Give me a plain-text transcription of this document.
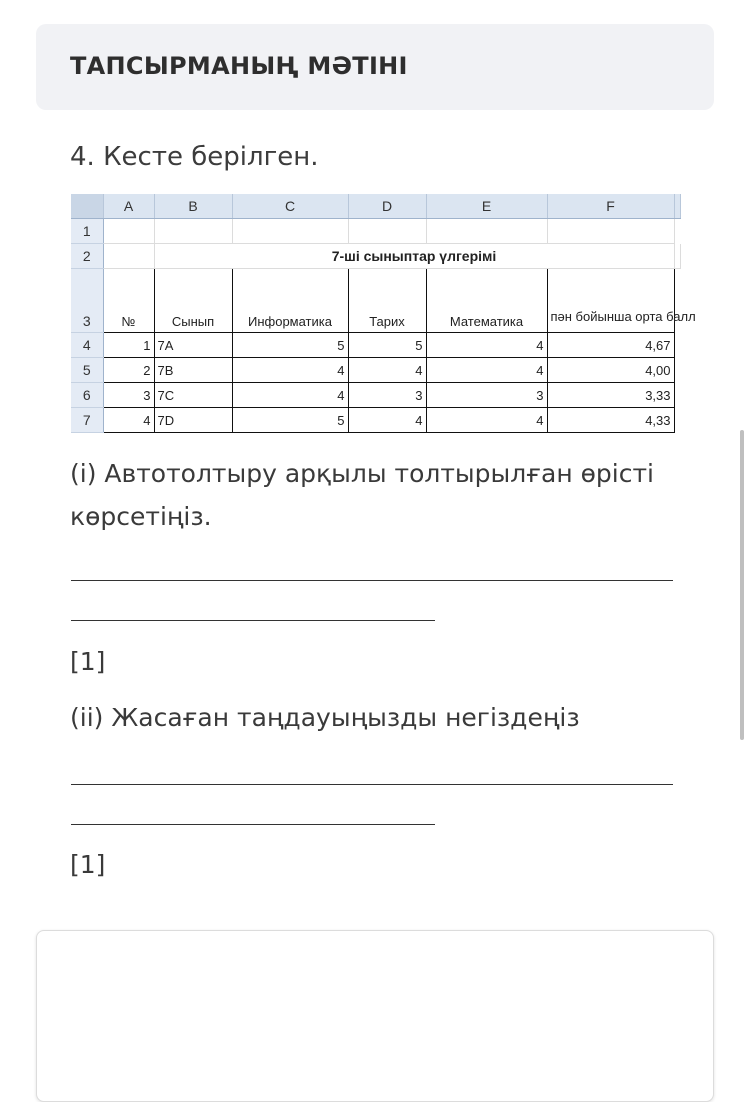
ТАПСЫРМАНЫҢ МӘТІНІ
4. Кесте берілген.
	A	B	C	D	E	F		
1								
2		7-ші сыныптар үлгерімі						
3	№	Сынып	Информатика	Тарих	Математика	пән бойынша орта балл		
4	1	7A	5	5	4	4,67		
5	2	7B	4	4	4	4,00		
6	3	7C	4	3	3	3,33		
7	4	7D	5	4	4	4,33		
(i) Автотолтыру арқылы толтырылған өрісті көрсетіңіз.
[1]
(ii) Жасаған таңдауыңызды негіздеңіз
[1]
